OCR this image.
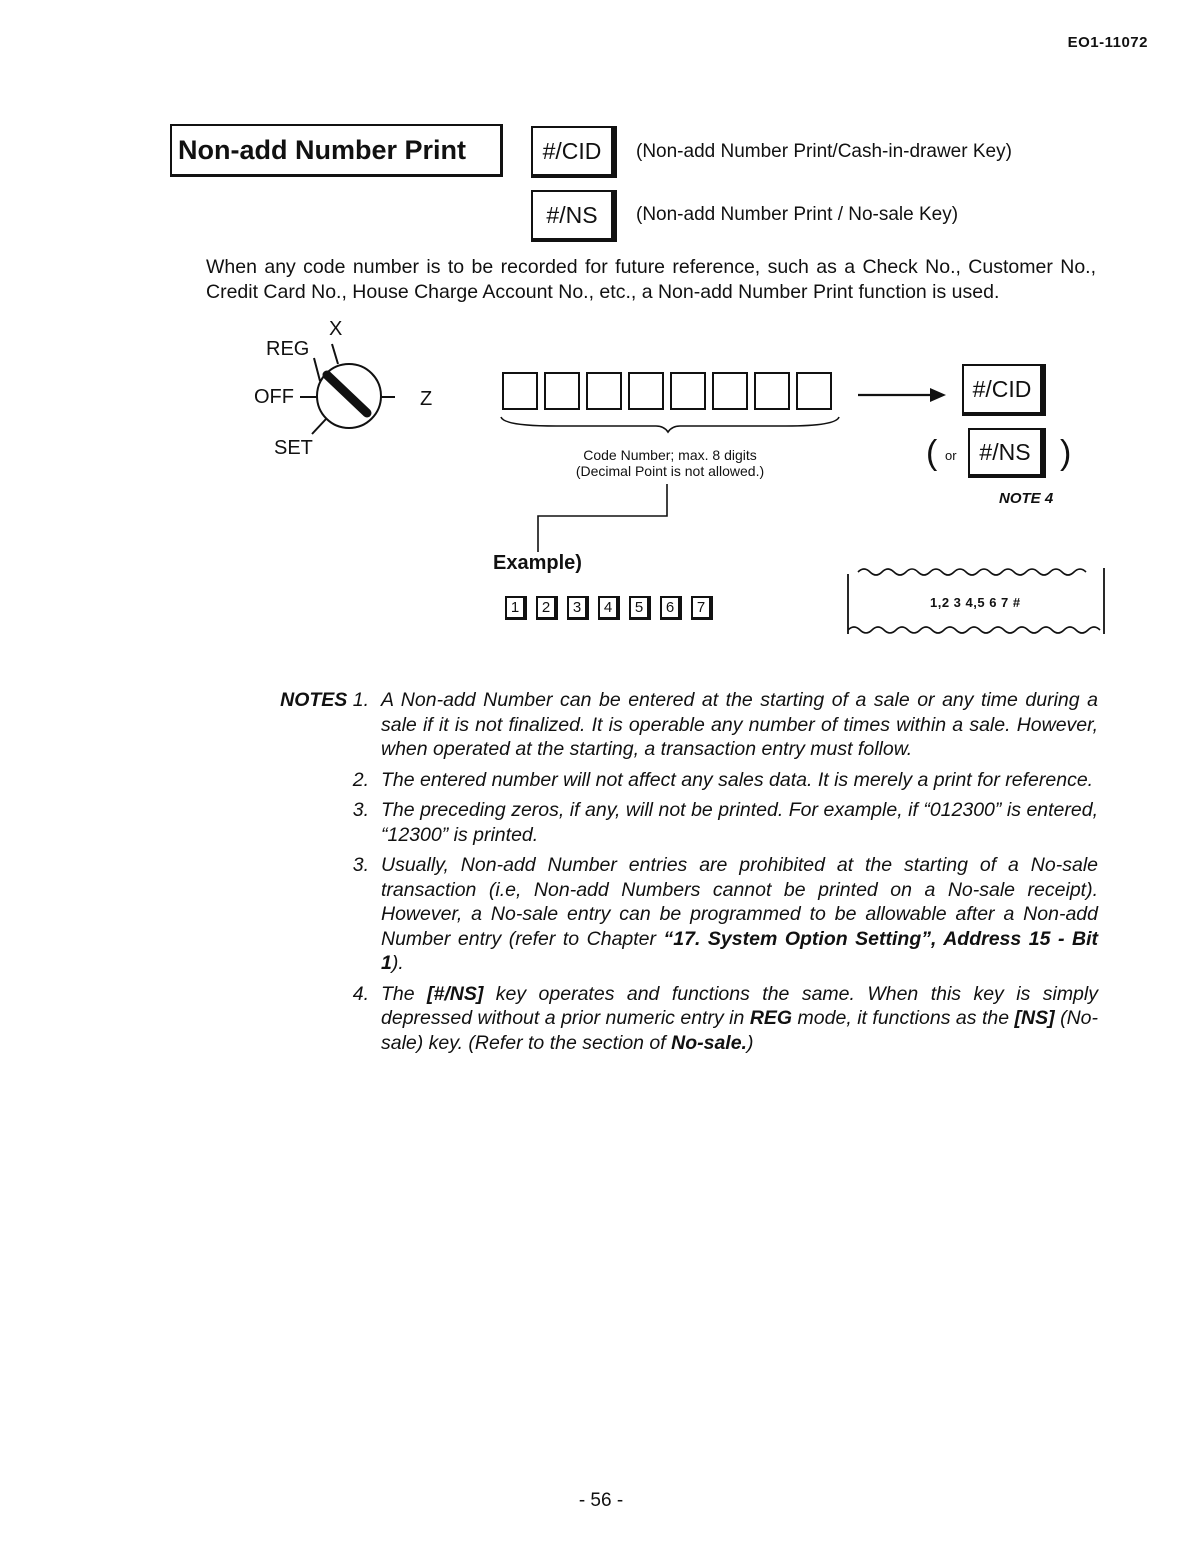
EO1-11072
Non-add Number Print	#/CID	(Non-add Number Print/Cash-in-drawer Key)
#/NS	(Non-add Number Print / No-sale Key)
When any code number is to be recorded for future reference, such as a Check No., Customer No., Credit Card No., House Charge Account No., etc., a Non-add Number Print function is used.
X
REG
OFF	Z
SET	Code Number; max. 8 digits
(Decimal Point is not allowed.)
#/CID
( or #/NS )
NOTE 4
Example)
1	2	3	4	5	6	7	1,2 3 4,5 6 7 #
NOTES 1. A Non-add Number can be entered at the starting of a sale or any time during a sale if it is not finalized. It is operable any number of times within a sale. However, when operated at the starting, a transaction entry must follow.
2. The entered number will not affect any sales data. It is merely a print for reference.
3. The preceding zeros, if any, will not be printed. For example, if “012300” is entered, “12300” is printed.
3. Usually, Non-add Number entries are prohibited at the starting of a No-sale transaction (i.e, Non-add Numbers cannot be printed on a No-sale receipt). However, a No-sale entry can be programmed to be allowable after a Non-add Number entry (refer to Chapter “17. System Option Setting”, Address 15 - Bit 1).
4. The [#/NS] key operates and functions the same. When this key is simply depressed without a prior numeric entry in REG mode, it functions as the [NS] (No-sale) key. (Refer to the section of No-sale.)
- 56 -
